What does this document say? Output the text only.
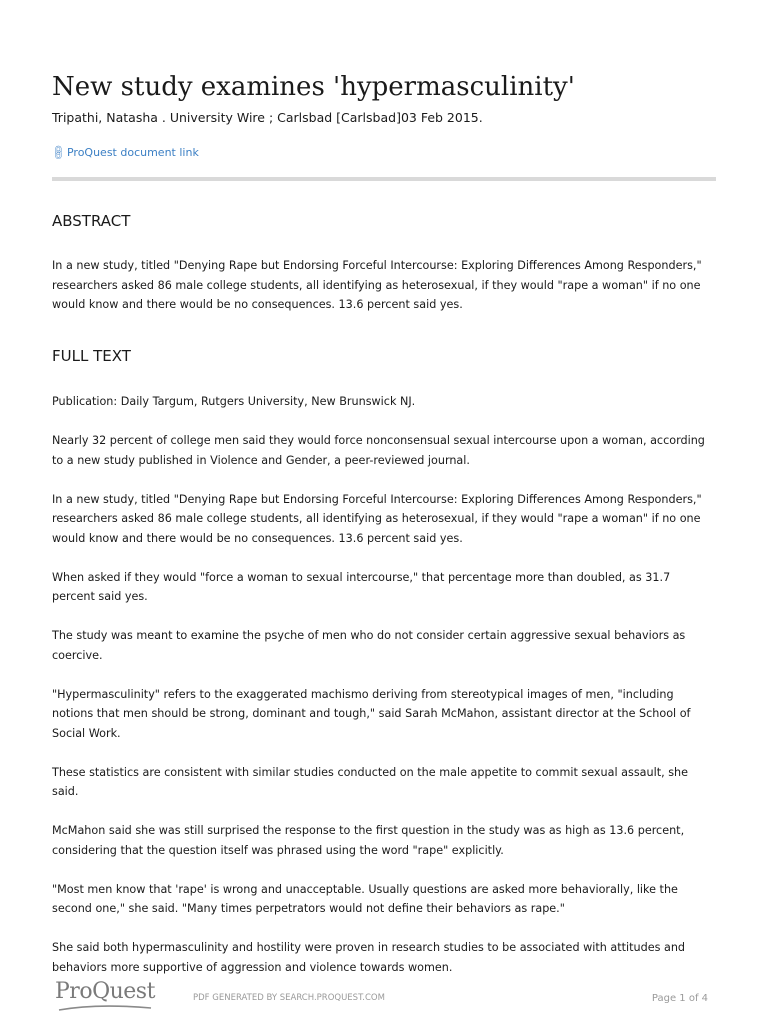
New study examines 'hypermasculinity'
Tripathi, Natasha . University Wire ; Carlsbad [Carlsbad]03 Feb 2015.
🔗︎ProQuest document link
ABSTRACT

In a new study, titled "Denying Rape but Endorsing Forceful Intercourse: Exploring Differences Among Responders," researchers asked 86 male college students, all identifying as heterosexual, if they would "rape a woman" if no one would know and there would be no consequences. 13.6 percent said yes.

FULL TEXT

Publication: Daily Targum, Rutgers University, New Brunswick NJ.

Nearly 32 percent of college men said they would force nonconsensual sexual intercourse upon a woman, according to a new study published in Violence and Gender, a peer-reviewed journal.

In a new study, titled "Denying Rape but Endorsing Forceful Intercourse: Exploring Differences Among Responders," researchers asked 86 male college students, all identifying as heterosexual, if they would "rape a woman" if no one would know and there would be no consequences. 13.6 percent said yes.

When asked if they would "force a woman to sexual intercourse," that percentage more than doubled, as 31.7 percent said yes.

The study was meant to examine the psyche of men who do not consider certain aggressive sexual behaviors as coercive.

"Hypermasculinity" refers to the exaggerated machismo deriving from stereotypical images of men, "including notions that men should be strong, dominant and tough," said Sarah McMahon, assistant director at the School of Social Work.

These statistics are consistent with similar studies conducted on the male appetite to commit sexual assault, she said.

McMahon said she was still surprised the response to the first question in the study was as high as 13.6 percent, considering that the question itself was phrased using the word "rape" explicitly.

"Most men know that 'rape' is wrong and unacceptable. Usually questions are asked more behaviorally, like the second one," she said. "Many times perpetrators would not define their behaviors as rape."

She said both hypermasculinity and hostility were proven in research studies to be associated with attitudes and behaviors more supportive of aggression and violence towards women.

ProQuest	PDF GENERATED BY SEARCH.PROQUEST.COM	Page 1 of 4
